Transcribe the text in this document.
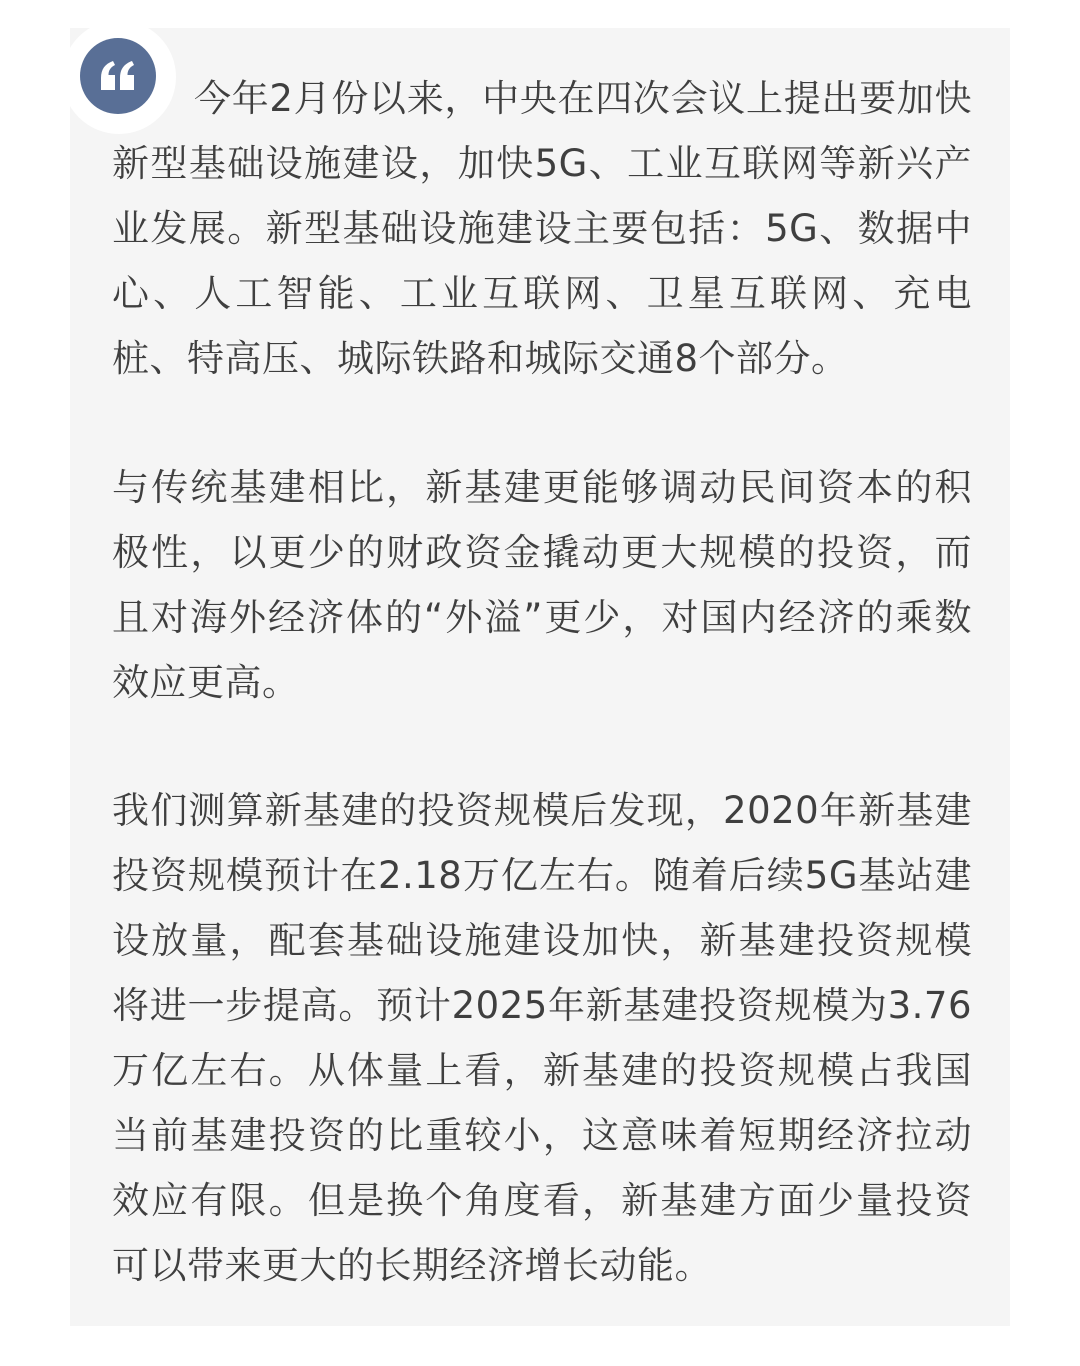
今年2月份以来，中央在四次会议上提出要加快新型基础设施建设，加快5G、工业互联网等新兴产业发展。新型基础设施建设主要包括：5G、数据中心、人工智能、工业互联网、卫星互联网、充电桩、特高压、城际铁路和城际交通8个部分。

与传统基建相比，新基建更能够调动民间资本的积极性，以更少的财政资金撬动更大规模的投资，而且对海外经济体的“外溢”更少，对国内经济的乘数效应更高。

我们测算新基建的投资规模后发现，2020年新基建投资规模预计在2.18万亿左右。随着后续5G基站建设放量，配套基础设施建设加快，新基建投资规模将进一步提高。预计2025年新基建投资规模为3.76万亿左右。从体量上看，新基建的投资规模占我国当前基建投资的比重较小，这意味着短期经济拉动效应有限。但是换个角度看，新基建方面少量投资可以带来更大的长期经济增长动能。
